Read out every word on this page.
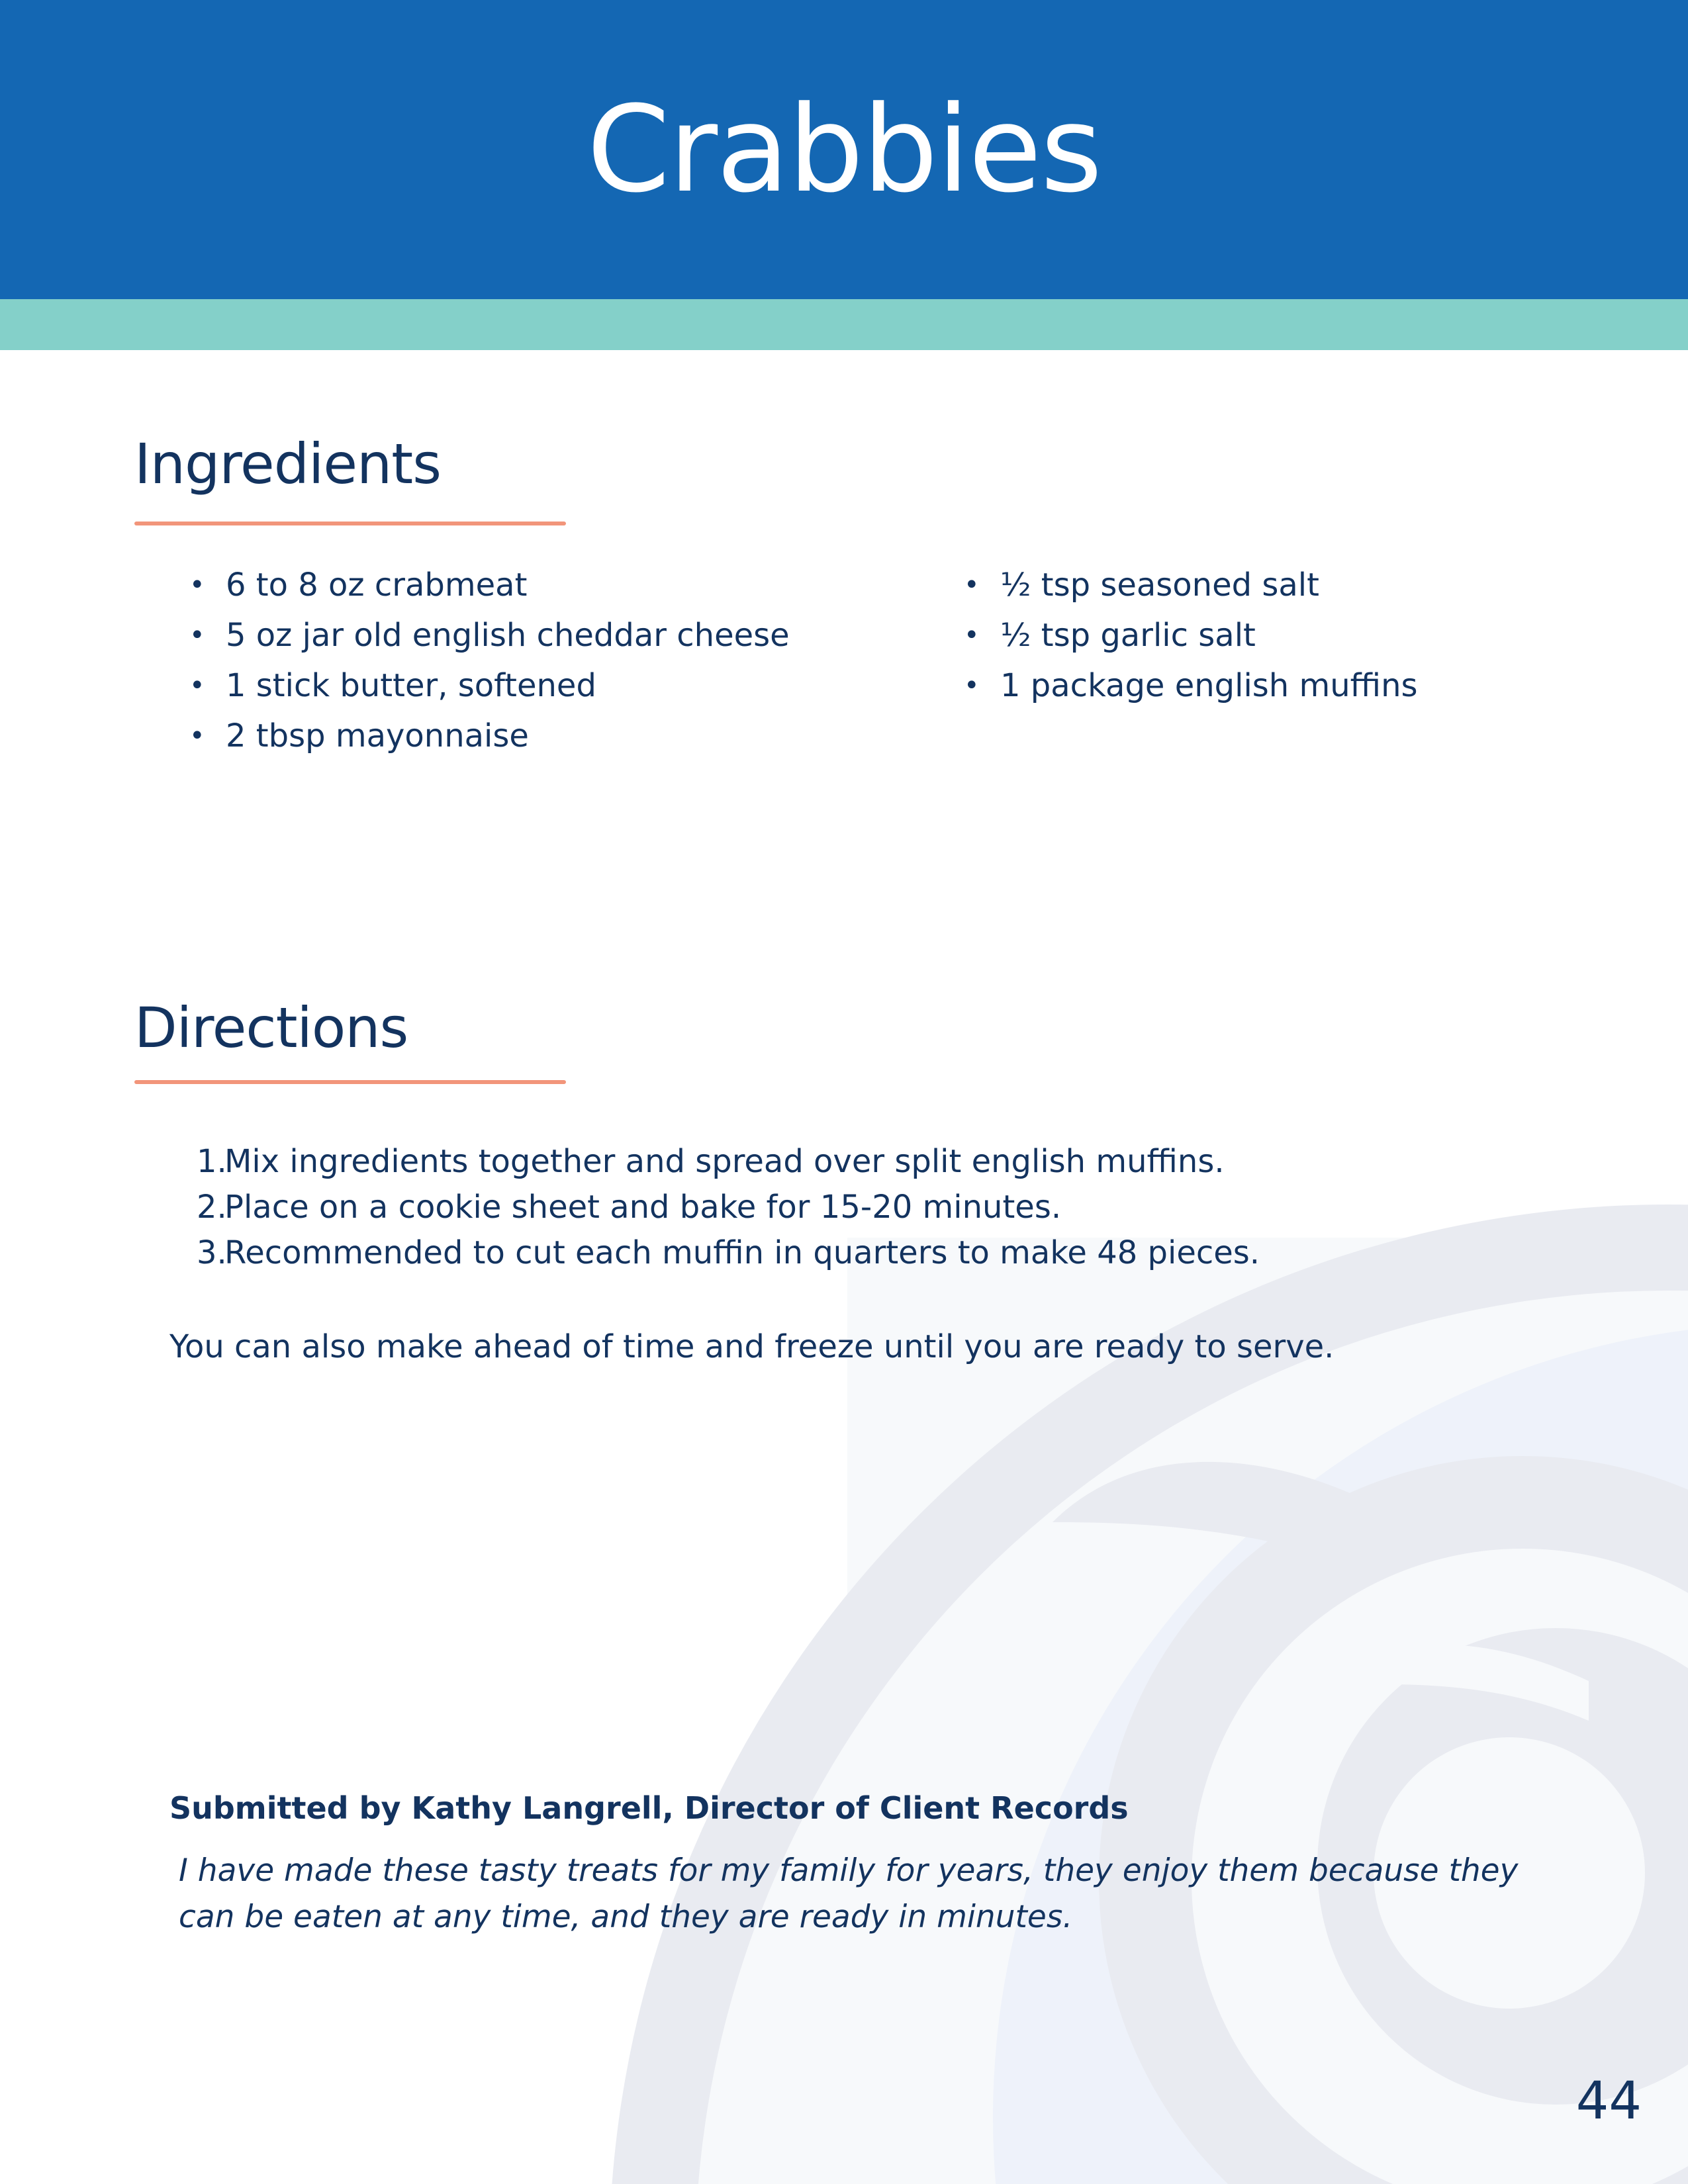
Crabbies
Ingredients
• 6 to 8 oz crabmeat
• 5 oz jar old english cheddar cheese
• 1 stick butter, softened
• 2 tbsp mayonnaise
• ½ tsp seasoned salt
• ½ tsp garlic salt
• 1 package english muffins
Directions
1.Mix ingredients together and spread over split english muffins.
2.Place on a cookie sheet and bake for 15-20 minutes.
3.Recommended to cut each muffin in quarters to make 48 pieces.
You can also make ahead of time and freeze until you are ready to serve.
Submitted by Kathy Langrell, Director of Client Records
I have made these tasty treats for my family for years, they enjoy them because they can be eaten at any time, and they are ready in minutes.
44
